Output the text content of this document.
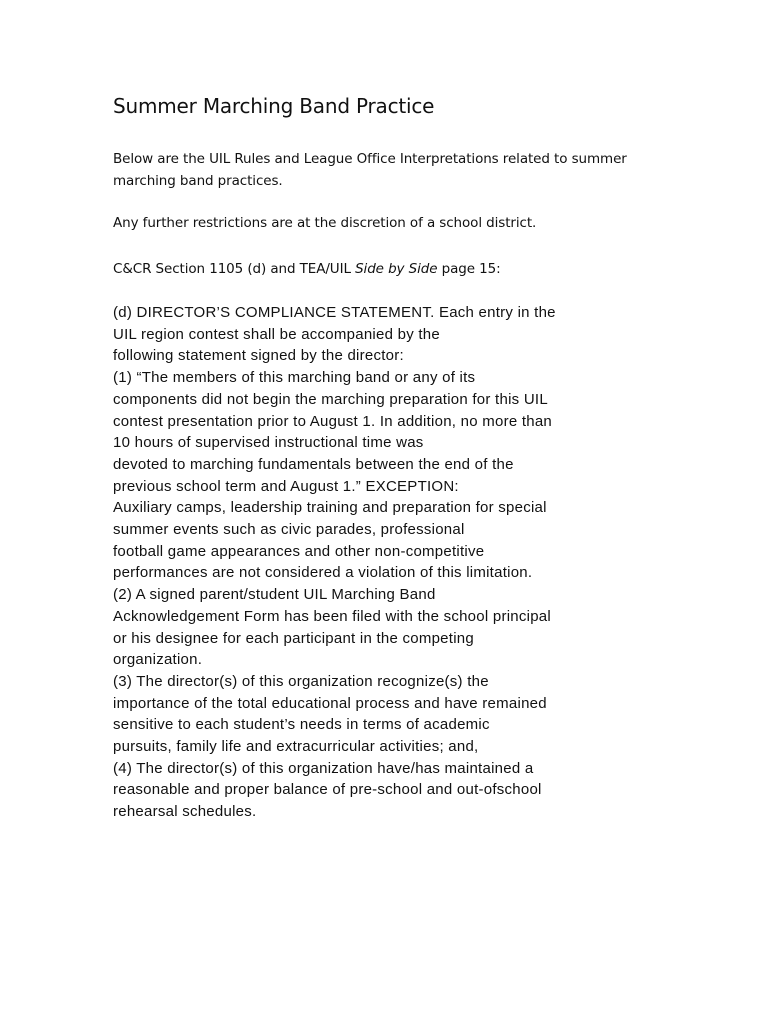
Summer Marching Band Practice

Below are the UIL Rules and League Office Interpretations related to summer marching band practices.

Any further restrictions are at the discretion of a school district.

C&CR Section 1105 (d) and TEA/UIL Side by Side page 15:

(d) DIRECTOR’S COMPLIANCE STATEMENT. Each entry in the
UIL region contest shall be accompanied by the
following statement signed by the director:
(1) “The members of this marching band or any of its
components did not begin the marching preparation for this UIL
contest presentation prior to August 1. In addition, no more than
10 hours of supervised instructional time was
devoted to marching fundamentals between the end of the
previous school term and August 1.” EXCEPTION:
Auxiliary camps, leadership training and preparation for special
summer events such as civic parades, professional
football game appearances and other non-competitive
performances are not considered a violation of this limitation.
(2) A signed parent/student UIL Marching Band
Acknowledgement Form has been filed with the school principal
or his designee for each participant in the competing
organization.
(3) The director(s) of this organization recognize(s) the
importance of the total educational process and have remained
sensitive to each student’s needs in terms of academic
pursuits, family life and extracurricular activities; and,
(4) The director(s) of this organization have/has maintained a
reasonable and proper balance of pre-school and out-ofschool
rehearsal schedules.
